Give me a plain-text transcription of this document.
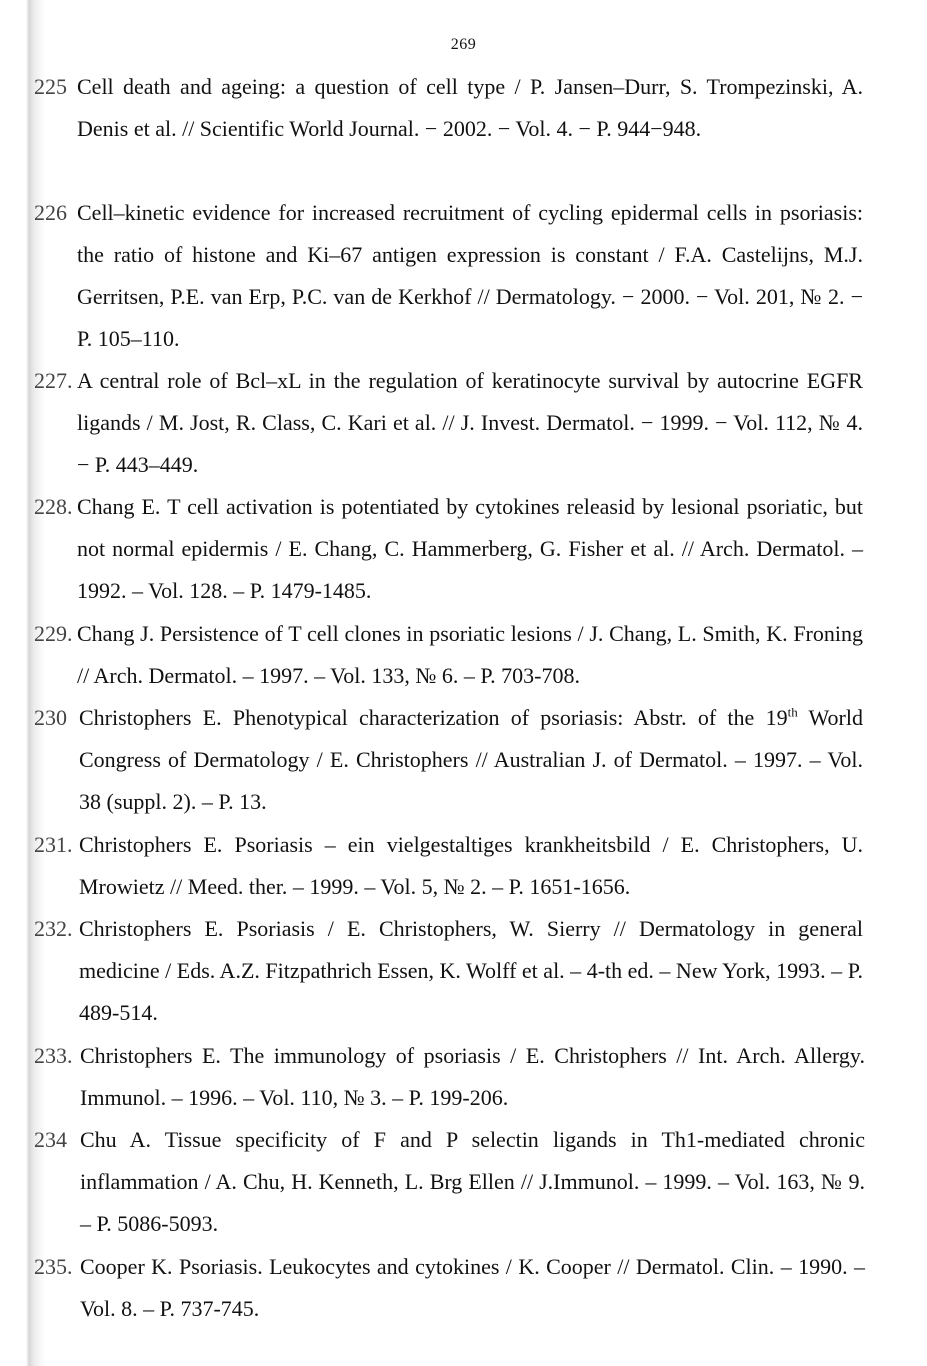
269
225 Cell death and ageing: a question of cell type / P. Jansen–Durr, S. Trompezinski, A. Denis et al. // Scientific World Journal. − 2002. − Vol. 4. − P. 944−948.
226 Cell–kinetic evidence for increased recruitment of cycling epidermal cells in psoriasis: the ratio of histone and Ki–67 antigen expression is constant / F.A. Castelijns, M.J. Gerritsen, P.E. van Erp, P.C. van de Kerkhof // Dermatology. − 2000. − Vol. 201, № 2. − P. 105–110.
227. A central role of Bcl–xL in the regulation of keratinocyte survival by autocrine EGFR ligands / M. Jost, R. Class, C. Kari et al. // J. Invest. Dermatol. − 1999. − Vol. 112, № 4. − P. 443–449.
228. Chang E. T cell activation is potentiated by cytokines releasid by lesional psoriatic, but not normal epidermis / E. Chang, C. Hammerberg, G. Fisher et al. // Arch. Dermatol. – 1992. – Vol. 128. – P. 1479-1485.
229. Chang J. Persistence of T cell clones in psoriatic lesions / J. Chang, L. Smith, K. Froning // Arch. Dermatol. – 1997. – Vol. 133, № 6. – P. 703-708.
230 Christophers E. Phenotypical characterization of psoriasis: Abstr. of the 19th World Congress of Dermatology / E. Christophers // Australian J. of Dermatol. – 1997. – Vol. 38 (suppl. 2). – P. 13.
231. Christophers E. Psoriasis – ein vielgestaltiges krankheitsbild / E. Christophers, U. Mrowietz // Meed. ther. – 1999. – Vol. 5, № 2. – P. 1651-1656.
232. Christophers E. Psoriasis / E. Christophers, W. Sierry // Dermatology in general medicine / Eds. A.Z. Fitzpathrich Essen, K. Wolff et al. – 4-th ed. – New York, 1993. – P. 489-514.
233. Christophers E. The immunology of psoriasis / E. Christophers // Int. Arch. Allergy. Immunol. – 1996. – Vol. 110, № 3. – P. 199-206.
234 Chu A. Tissue specificity of F and P selectin ligands in Th1-mediated chronic inflammation / A. Chu, H. Kenneth, L. Brg Ellen // J.Immunol. – 1999. – Vol. 163, № 9. – P. 5086-5093.
235. Cooper K. Psoriasis. Leukocytes and cytokines / K. Cooper // Dermatol. Clin. – 1990. – Vol. 8. – P. 737-745.
